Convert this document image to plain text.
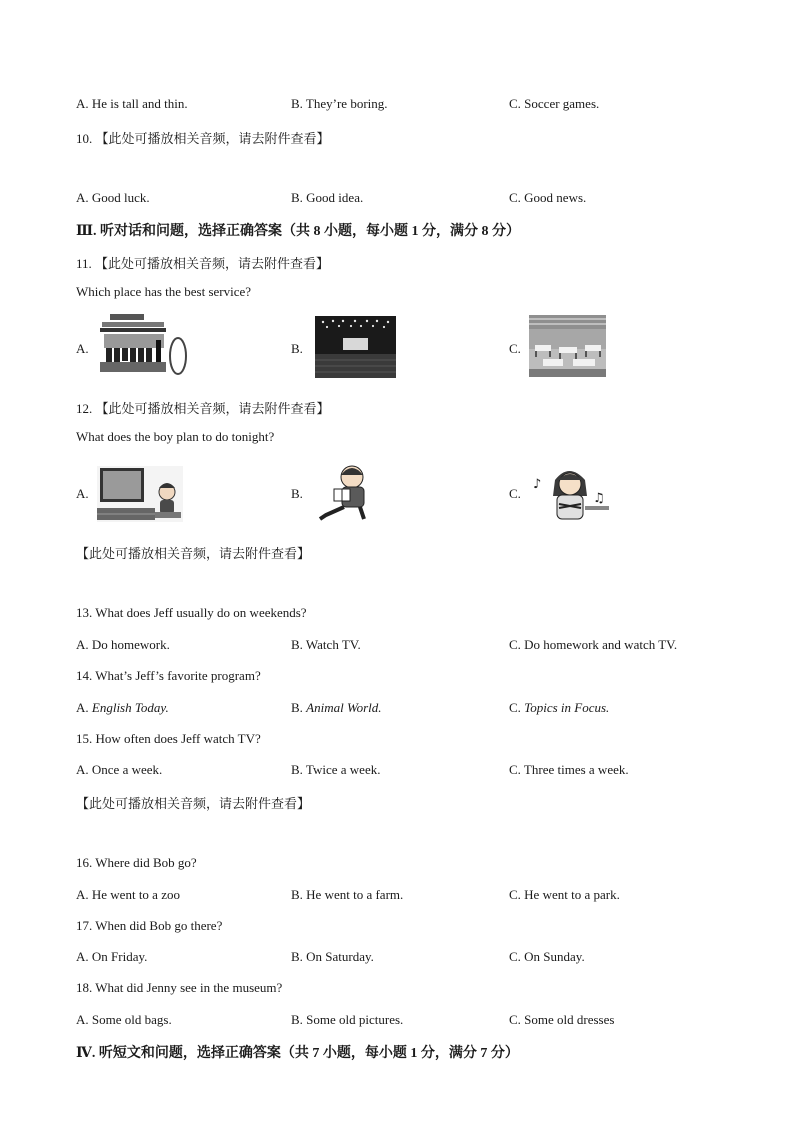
A. He is tall and thin.	B. They’re boring.	C. Soccer games.
10. 【此处可播放相关音频，请去附件查看】
A. Good luck.	B. Good idea.	C. Good news.
Ⅲ. 听对话和问题，选择正确答案（共 8 小题，每小题 1 分，满分 8 分）
11. 【此处可播放相关音频，请去附件查看】
Which place has the best service?
A.	B.	C.
12. 【此处可播放相关音频，请去附件查看】
What does the boy plan to do tonight?
A.	B.	C.
♪
♫
【此处可播放相关音频，请去附件查看】
13. What does Jeff usually do on weekends?
A. Do homework.	B. Watch TV.	C. Do homework and watch TV.
14. What’s Jeff’s favorite program?
A. English Today.	B. Animal World.	C. Topics in Focus.
15. How often does Jeff watch TV?
A. Once a week.	B. Twice a week.	C. Three times a week.
【此处可播放相关音频，请去附件查看】
16. Where did Bob go?
A. He went to a zoo	B. He went to a farm.	C. He went to a park.
17. When did Bob go there?
A. On Friday.	B. On Saturday.	C. On Sunday.
18. What did Jenny see in the museum?
A. Some old bags.	B. Some old pictures.	C. Some old dresses
Ⅳ. 听短文和问题，选择正确答案（共 7 小题，每小题 1 分，满分 7 分）
